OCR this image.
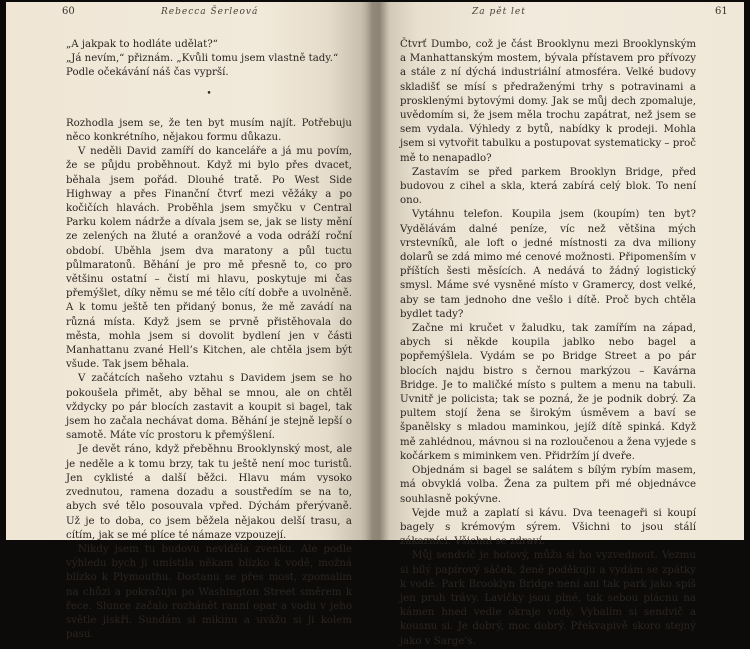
60	Rebecca Šerleová

„A jakpak to hodláte udělat?“

„Já nevím,“ přiznám. „Kvůli tomu jsem vlastně tady.“

Podle očekávání náš čas vyprší.

•

Rozhodla jsem se, že ten byt musím najít. Potřebuju něco konkrétního, nějakou formu důkazu.

V neděli David zamíří do kanceláře a já mu povím, že se půjdu proběhnout. Když mi bylo přes dvacet, běhala jsem pořád. Dlouhé tratě. Po West Side Highway a přes Finanční čtvrť mezi věžáky a po kočičích hlavách. Proběhla jsem smyčku v Central Parku kolem nádrže a dívala jsem se, jak se listy mění ze zelených na žluté a oranžové a voda odráží roční období. Uběhla jsem dva maratony a půl tuctu půlmaratonů. Běhání je pro mě přesně to, co pro většinu ostatní – čistí mi hlavu, poskytuje mi čas přemýšlet, díky němu se mé tělo cítí dobře a uvolněně. A k tomu ještě ten přidaný bonus, že mě zavádí na různá místa. Když jsem se prvně přistěhovala do města, mohla jsem si dovolit bydlení jen v části Manhattanu zvané Hell’s Kitchen, ale chtěla jsem být všude. Tak jsem běhala.

V začátcích našeho vztahu s Davidem jsem se ho pokoušela přimět, aby běhal se mnou, ale on chtěl vždycky po pár blocích zastavit a koupit si bagel, tak jsem ho začala nechávat doma. Běhání je stejně lepší o samotě. Máte víc prostoru k přemýšlení.

Je devět ráno, když přeběhnu Brooklynský most, ale je neděle a k tomu brzy, tak tu ještě není moc turistů. Jen cyklisté a další běžci. Hlavu mám vysoko zvednutou, ramena dozadu a soustředím se na to, abych své tělo posouvala vpřed. Dýchám přerývaně. Už je to doba, co jsem běžela nějakou delší trasu, a cítím, jak se mé plíce té námaze vzpouzejí.

Nikdy jsem tu budovu neviděla zvenku. Ale podle výhledu bych ji umístila někam blízko k vodě, možná blízko k Plymouthu. Dostanu se přes most, zpomalím na chůzi a pokračuju po Washington Street směrem k řece. Slunce začalo rozhánět ranní opar a vodu v jeho světle jiskří. Sundám si mikinu a uvážu si ji kolem pasu.

Za pět let	61

Čtvrť Dumbo, což je část Brooklynu mezi Brooklynským a Manhattanským mostem, bývala přístavem pro přívozy a stále z ní dýchá industriální atmosféra. Velké budovy skladišť se mísí s předraženými trhy s potravinami a prosklenými bytovými domy. Jak se můj dech zpomaluje, uvědomím si, že jsem měla trochu zapátrat, než jsem se sem vydala. Výhledy z bytů, nabídky k prodeji. Mohla jsem si vytvořit tabulku a postupovat systematicky – proč mě to nenapadlo?

Zastavím se před parkem Brooklyn Bridge, před budovou z cihel a skla, která zabírá celý blok. To není ono.

Vytáhnu telefon. Koupila jsem (koupím) ten byt? Vydělávám dalné peníze, víc než většina mých vrstevníků, ale loft o jedné místnosti za dva miliony dolarů se zdá mimo mé cenové možnosti. Připomenším v příštích šesti měsících. A nedává to žádný logistický smysl. Máme své vysněné místo v Gramercy, dost velké, aby se tam jednoho dne vešlo i dítě. Proč bych chtěla bydlet tady?

Začne mi kručet v žaludku, tak zamířím na západ, abych si někde koupila jablko nebo bagel a popřemýšlela. Vydám se po Bridge Street a po pár blocích najdu bistro s černou markýzou – Kavárna Bridge. Je to maličké místo s pultem a menu na tabuli. Uvnitř je policista; tak se pozná, že je podnik dobrý. Za pultem stojí žena se širokým úsměvem a baví se španělsky s mladou maminkou, jejíž dítě spinká. Když mě zahlédnou, mávnou si na rozloučenou a žena vyjede s kočárkem s miminkem ven. Přidržím jí dveře.

Objednám si bagel se salátem s bílým rybím masem, má obvyklá volba. Žena za pultem při mé objednávce souhlasně pokývne.

Vejde muž a zaplatí si kávu. Dva teenageři si koupí bagely s krémovým sýrem. Všichni to jsou stálí zákazníci. Všichni se zdraví.

Můj sendvič je hotový, můžu si ho vyzvednout. Vezmu si bílý papírový sáček, ženě poděkuju a vydám se zpátky k vodě. Park Brooklyn Bridge není ani tak park jako spíš jen pruh trávy. Lavičky jsou plné, tak sebou plácnu na kámen hned vedle okraje vody. Vybalím si sendvič a kousnu si. Je dobrý, moc dobrý. Překvapivě skoro stejný jako v Sarge’s.
